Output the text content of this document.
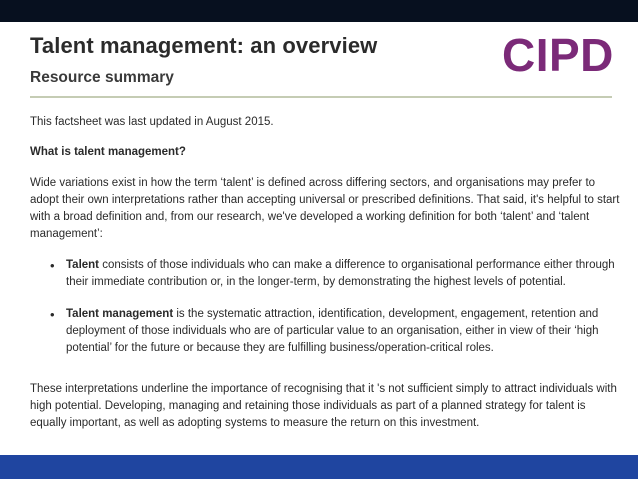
Talent management: an overview
Resource summary	CIPD

This factsheet was last updated in August 2015.

What is talent management?

Wide variations exist in how the term ‘talent’ is defined across differing sectors, and organisations may prefer to adopt their own interpretations rather than accepting universal or prescribed definitions. That said, it's helpful to start with a broad definition and, from our research, we've developed a working definition for both ‘talent’ and ‘talent management’:

• Talent consists of those individuals who can make a difference to organisational performance either through their immediate contribution or, in the longer-term, by demonstrating the highest levels of potential.
• Talent management is the systematic attraction, identification, development, engagement, retention and deployment of those individuals who are of particular value to an organisation, either in view of their ‘high potential’ for the future or because they are fulfilling business/operation-critical roles.

These interpretations underline the importance of recognising that it 's not sufficient simply to attract individuals with high potential. Developing, managing and retaining those individuals as part of a planned strategy for talent is equally important, as well as adopting systems to measure the return on this investment.
